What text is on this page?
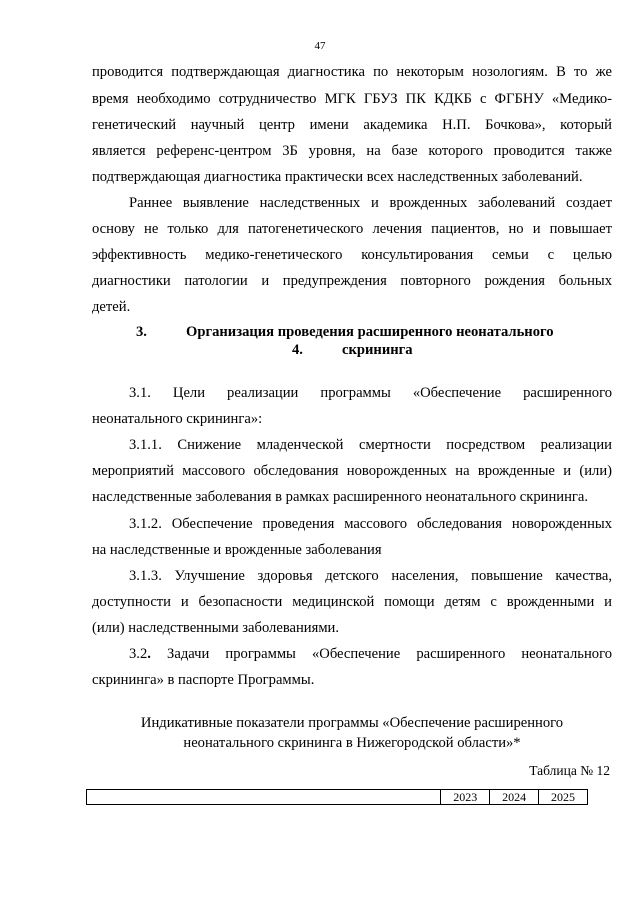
47
проводится подтверждающая диагностика по некоторым нозологиям. В то же
время необходимо сотрудничество МГК ГБУЗ ПК КДКБ с ФГБНУ «Медико-
генетический научный центр имени академика Н.П. Бочкова», который
является референс-центром 3Б уровня, на базе которого проводится также
подтверждающая диагностика практически всех наследственных заболеваний.
Раннее выявление наследственных и врожденных заболеваний создает
основу не только для патогенетического лечения пациентов, но и повышает
эффективность медико-генетического консультирования семьи с целью
диагностики патологии и предупреждения повторного рождения больных
детей.
3.	Организация проведения расширенного неонатального
4.	скрининга
3.1. Цели реализации программы «Обеспечение расширенного
неонатального скрининга»:
3.1.1. Снижение младенческой смертности посредством реализации
мероприятий массового обследования новорожденных на врожденные и (или)
наследственные заболевания в рамках расширенного неонатального скрининга.
3.1.2. Обеспечение проведения массового обследования новорожденных
на наследственные и врожденные заболевания
3.1.3. Улучшение здоровья детского населения, повышение качества,
доступности и безопасности медицинской помощи детям с врожденными и
(или) наследственными заболеваниями.
3.2. Задачи программы «Обеспечение расширенного неонатального
скрининга» в паспорте Программы.
Индикативные показатели программы «Обеспечение расширенного
неонатального скрининга в Нижегородской области»*
Таблица № 12
	2023	2024	2025
